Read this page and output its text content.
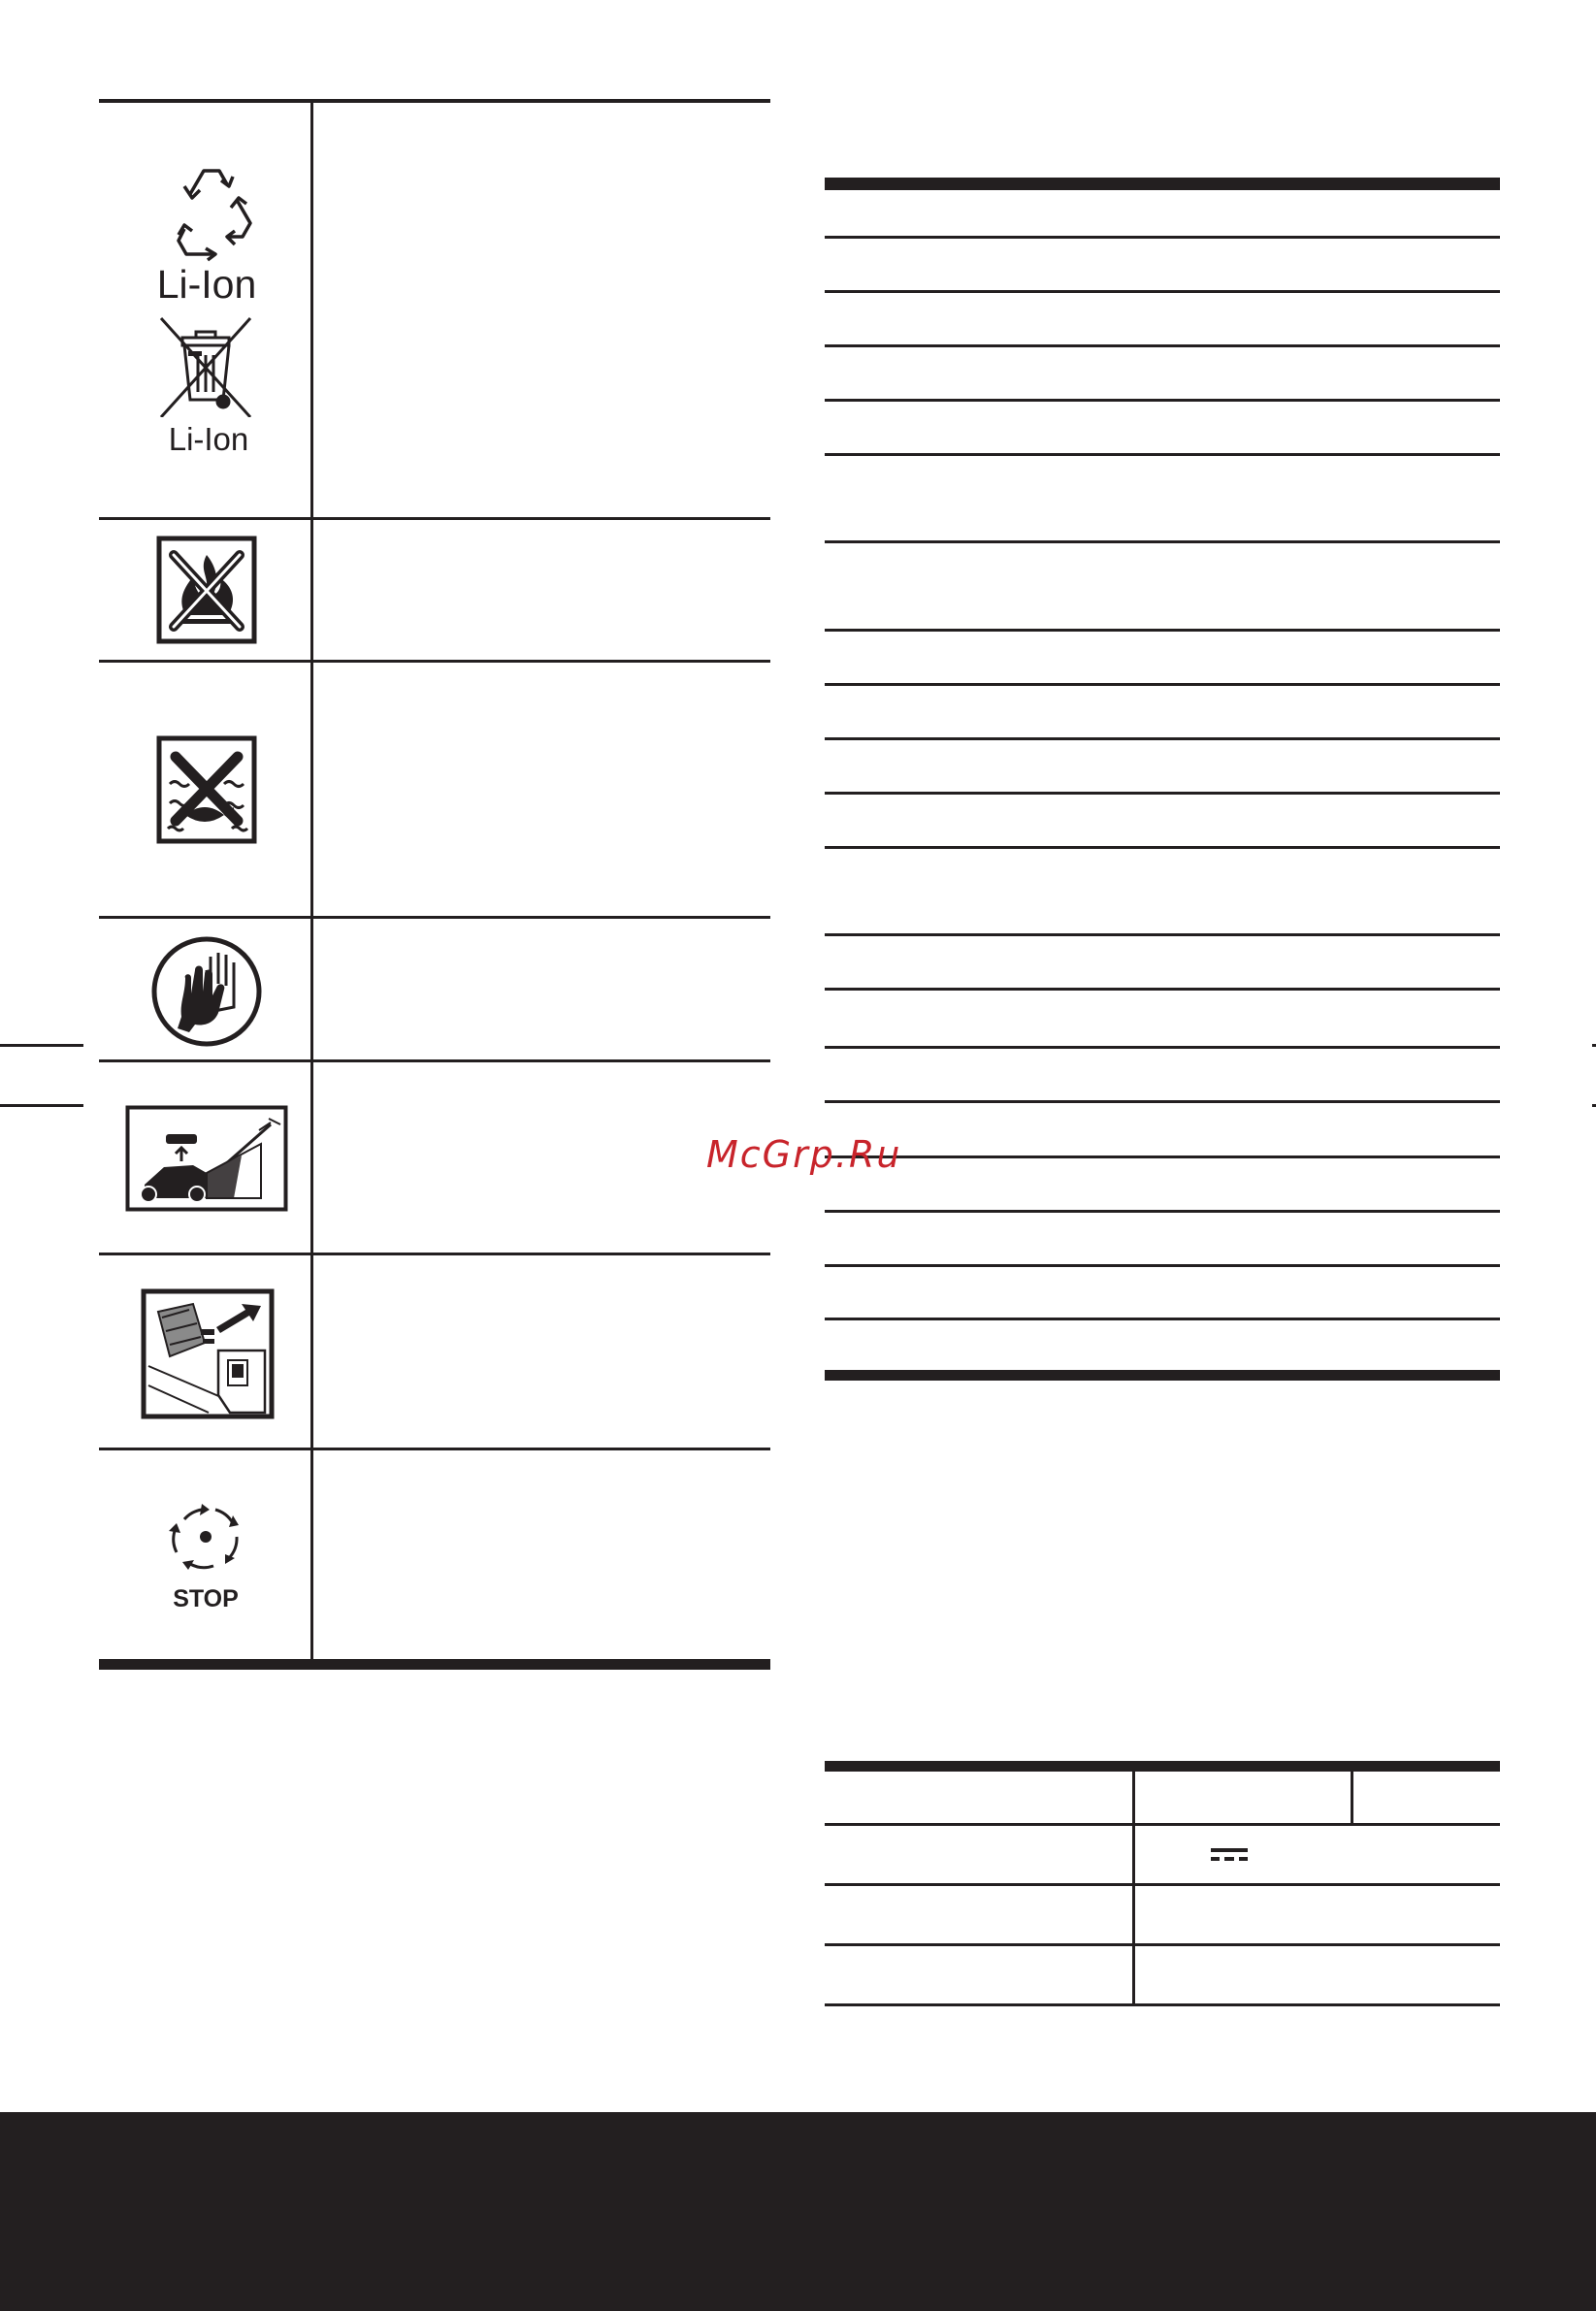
Li-Ion
Li-Ion
STOP
McGrp.Ru
